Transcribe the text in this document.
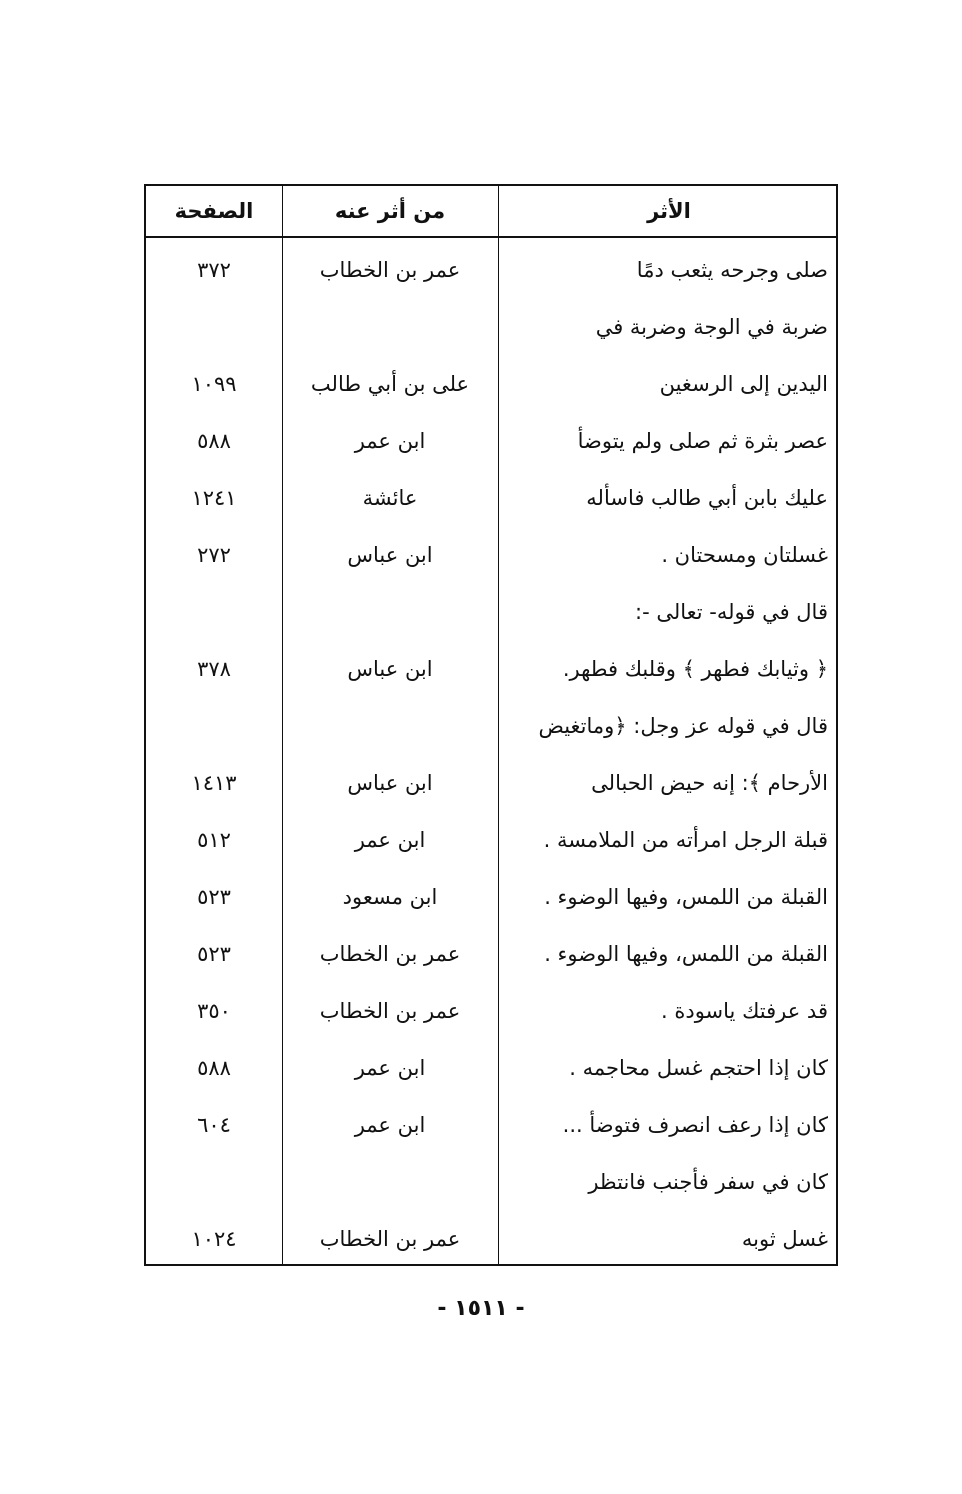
الأثر
من أثر عنه
الصفحة
صلى وجرحه يثعب دمًا
عمر بن الخطاب
٣٧٢
ضربة في الوجة وضربة في
اليدين إلى الرسغين
على بن أبي طالب
١٠٩٩
عصر بثرة ثم صلى ولم يتوضأ
ابن عمر
٥٨٨
عليك بابن أبي طالب فاسأله
عائشة
١٢٤١
غسلتان ومسحتان .
ابن عباس
٢٧٢
قال في قوله- تعالى -:
﴿ وثيابك فطهر ﴾ وقلبك فطهر.
ابن عباس
٣٧٨
قال في قوله عز وجل: ﴿وماتغيض
الأرحام ﴾: إنه حيض الحبالى
ابن عباس
١٤١٣
قبلة الرجل امرأته من الملامسة .
ابن عمر
٥١٢
القبلة من اللمس، وفيها الوضوء .
ابن مسعود
٥٢٣
القبلة من اللمس، وفيها الوضوء .
عمر بن الخطاب
٥٢٣
قد عرفتك ياسودة .
عمر بن الخطاب
٣٥٠
كان إذا احتجم غسل محاجمه .
ابن عمر
٥٨٨
كان إذا رعف انصرف فتوضأ ...
ابن عمر
٦٠٤
كان في سفر فأجنب فانتظر
غسل ثوبه
عمر بن الخطاب
١٠٢٤
- ١٥١١ -
